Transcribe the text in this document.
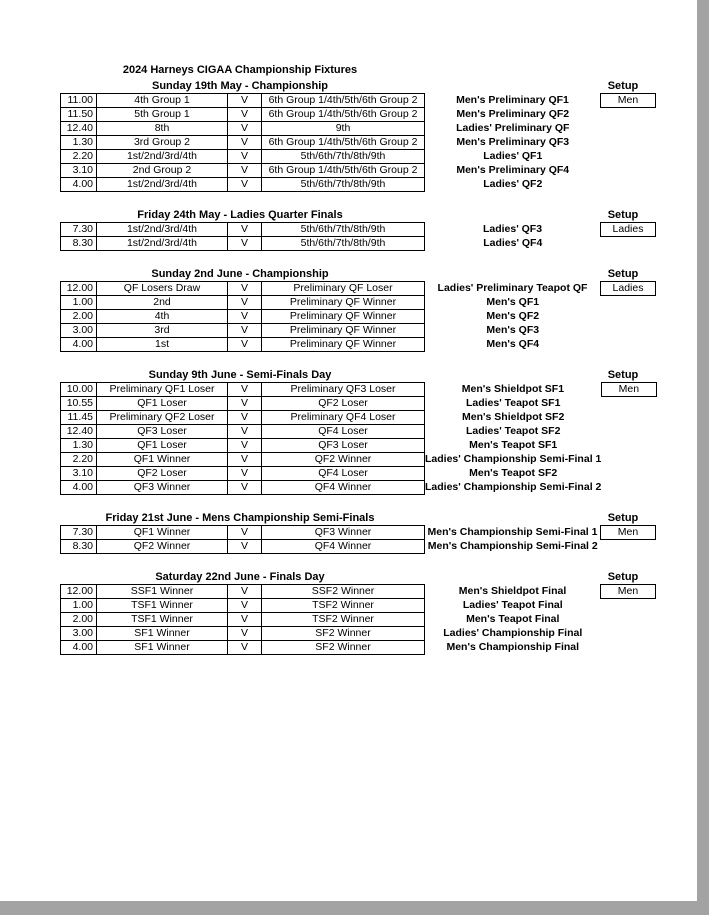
2024 Harneys CIGAA Championship Fixtures
Sunday 19th May - Championship	Setup
11.00	4th Group 1	V	6th Group 1/4th/5th/6th Group 2	Men's Preliminary QF1	Men
11.50	5th Group 1	V	6th Group 1/4th/5th/6th Group 2	Men's Preliminary QF2	
12.40	8th	V	9th	Ladies' Preliminary QF	
1.30	3rd Group 2	V	6th Group 1/4th/5th/6th Group 2	Men's Preliminary QF3	
2.20	1st/2nd/3rd/4th	V	5th/6th/7th/8th/9th	Ladies' QF1	
3.10	2nd Group 2	V	6th Group 1/4th/5th/6th Group 2	Men's Preliminary QF4	
4.00	1st/2nd/3rd/4th	V	5th/6th/7th/8th/9th	Ladies' QF2	
Friday 24th May - Ladies Quarter Finals	Setup
7.30	1st/2nd/3rd/4th	V	5th/6th/7th/8th/9th	Ladies' QF3	Ladies
8.30	1st/2nd/3rd/4th	V	5th/6th/7th/8th/9th	Ladies' QF4	
Sunday 2nd June - Championship	Setup
12.00	QF Losers Draw	V	Preliminary QF Loser	Ladies' Preliminary Teapot QF	Ladies
1.00	2nd	V	Preliminary QF Winner	Men's QF1	
2.00	4th	V	Preliminary QF Winner	Men's QF2	
3.00	3rd	V	Preliminary QF Winner	Men's QF3	
4.00	1st	V	Preliminary QF Winner	Men's QF4	
Sunday 9th June - Semi-Finals Day	Setup
10.00	Preliminary QF1 Loser	V	Preliminary QF3 Loser	Men's Shieldpot SF1	Men
10.55	QF1 Loser	V	QF2 Loser	Ladies' Teapot SF1	
11.45	Preliminary QF2 Loser	V	Preliminary QF4 Loser	Men's Shieldpot SF2	
12.40	QF3 Loser	V	QF4 Loser	Ladies' Teapot SF2	
1.30	QF1 Loser	V	QF3 Loser	Men's Teapot SF1	
2.20	QF1 Winner	V	QF2 Winner	Ladies' Championship Semi-Final 1	
3.10	QF2 Loser	V	QF4 Loser	Men's Teapot SF2	
4.00	QF3 Winner	V	QF4 Winner	Ladies' Championship Semi-Final 2	
Friday 21st June - Mens Championship Semi-Finals	Setup
7.30	QF1 Winner	V	QF3 Winner	Men's Championship Semi-Final 1	Men
8.30	QF2 Winner	V	QF4 Winner	Men's Championship Semi-Final 2	
Saturday 22nd June - Finals Day	Setup
12.00	SSF1 Winner	V	SSF2 Winner	Men's Shieldpot Final	Men
1.00	TSF1 Winner	V	TSF2 Winner	Ladies' Teapot Final	
2.00	TSF1 Winner	V	TSF2 Winner	Men's Teapot Final	
3.00	SF1 Winner	V	SF2 Winner	Ladies' Championship Final	
4.00	SF1 Winner	V	SF2 Winner	Men's Championship Final	
